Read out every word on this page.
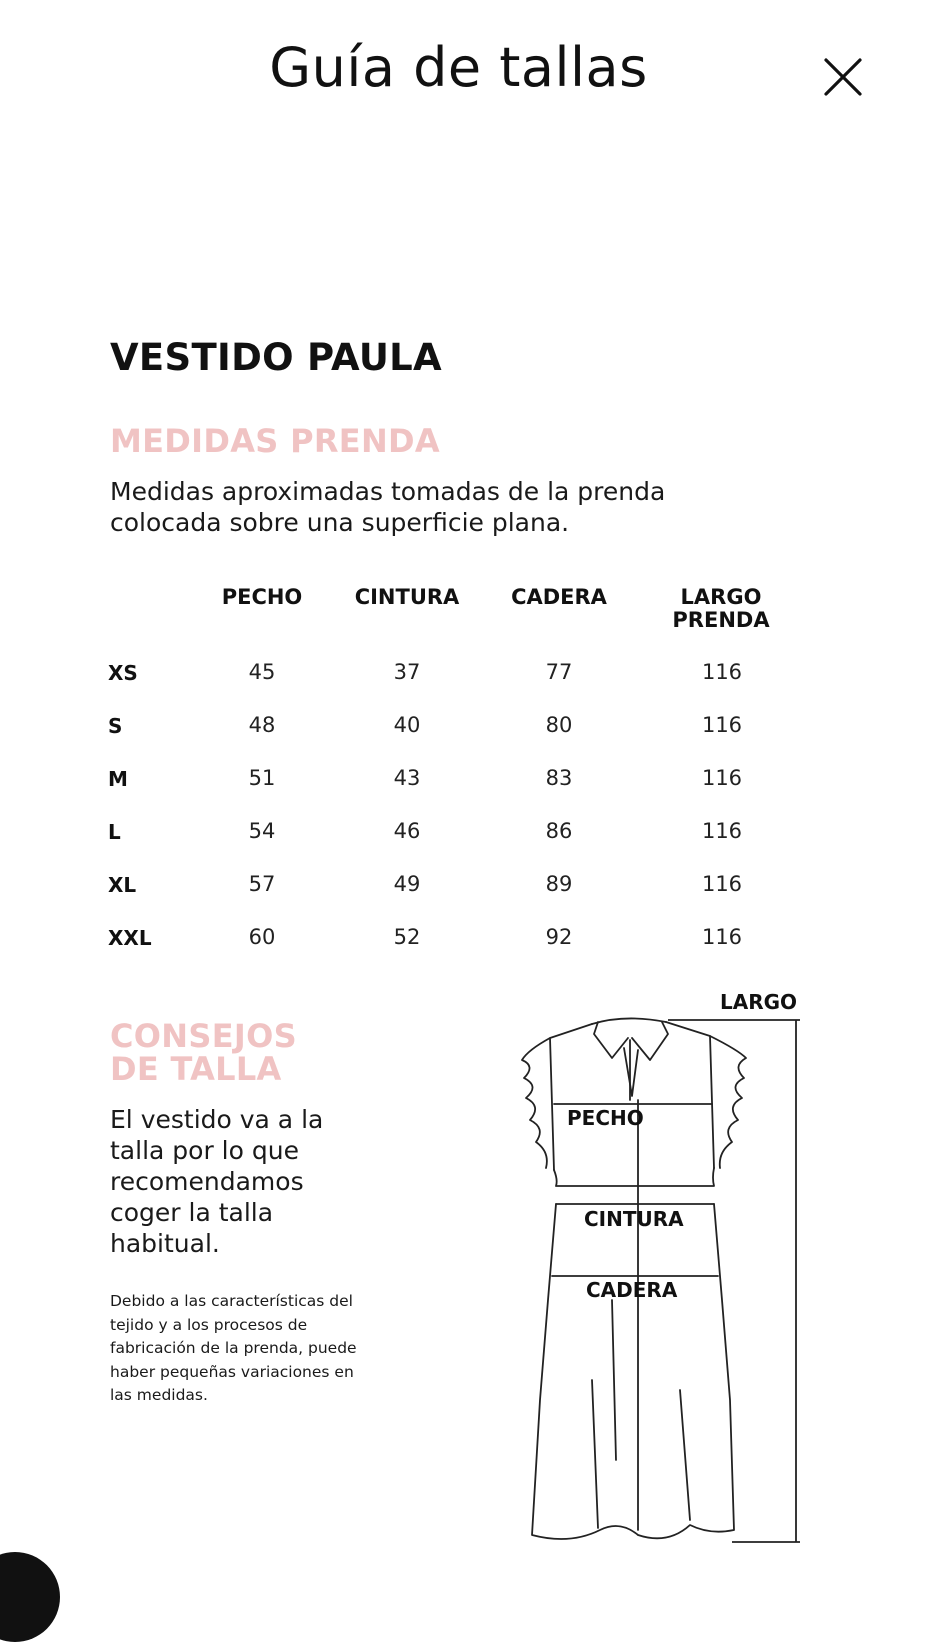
Guía de tallas
VESTIDO PAULA
MEDIDAS PRENDA
Medidas aproximadas tomadas de la prenda colocada sobre una superficie plana.
PECHO CINTURA CADERA	LARGO PRENDA
XS	45	37	77	116
S	48	40	80	116
M	51	43	83	116
L	54	46	86	116
XL	57	49	89	116
XXL	60	52	92	116
CONSEJOS DE TALLA
El vestido va a la talla por lo que recomendamos coger la talla habitual.
Debido a las características del tejido y a los procesos de fabricación de la prenda, puede haber pequeñas variaciones en las medidas.
LARGO
PECHO
CINTURA
CADERA
